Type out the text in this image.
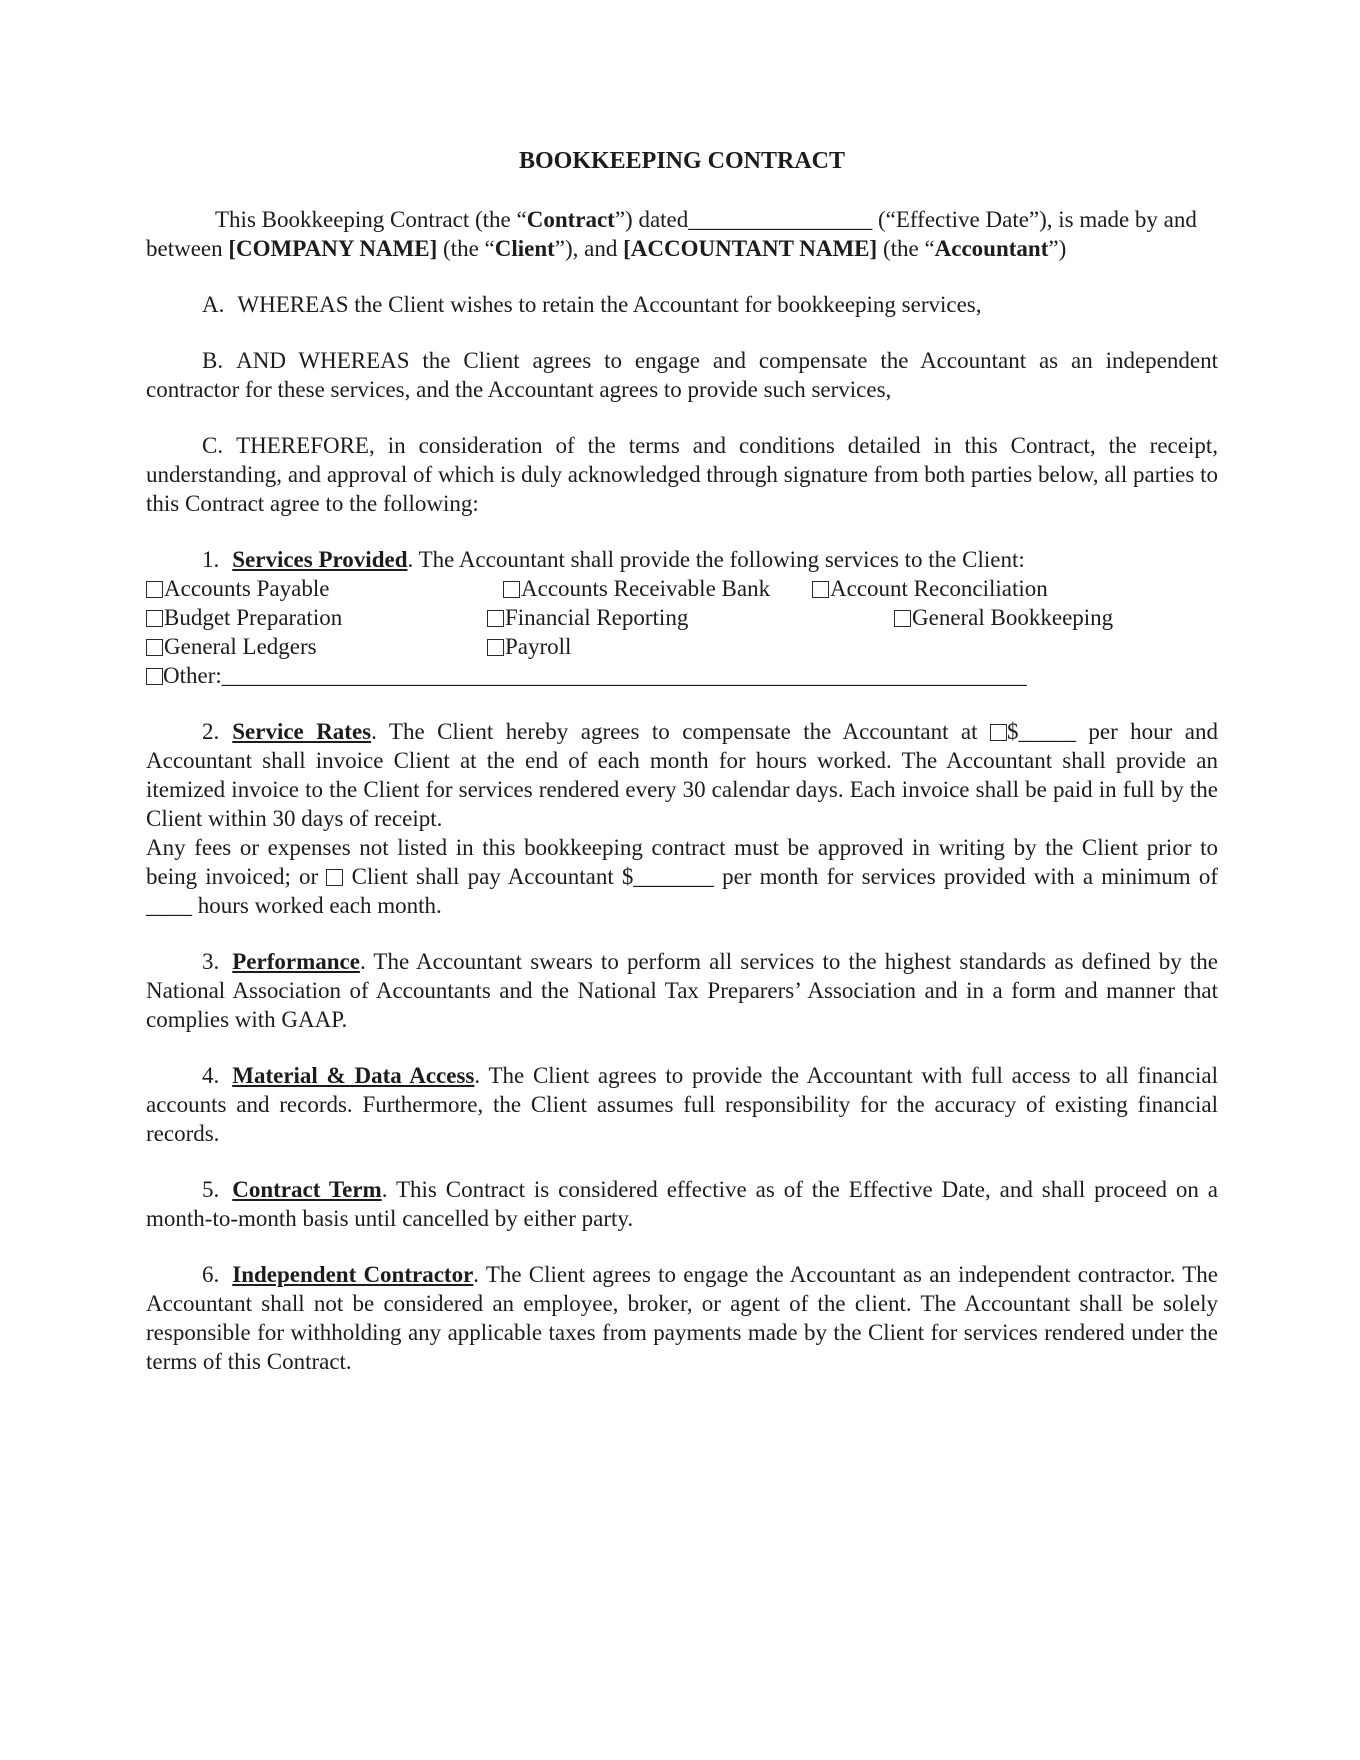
BOOKKEEPING CONTRACT

This Bookkeeping Contract (the “Contract”) dated________________ (“Effective Date”), is made by and between [COMPANY NAME] (the “Client”), and [ACCOUNTANT NAME] (the “Accountant”)

A. WHEREAS the Client wishes to retain the Accountant for bookkeeping services,

B. AND WHEREAS the Client agrees to engage and compensate the Accountant as an independent contractor for these services, and the Accountant agrees to provide such services,

C. THEREFORE, in consideration of the terms and conditions detailed in this Contract, the receipt, understanding, and approval of which is duly acknowledged through signature from both parties below, all parties to this Contract agree to the following:

1. Services Provided. The Accountant shall provide the following services to the Client:

Accounts Payable	Accounts Receivable Bank	Account Reconciliation
Budget Preparation	Financial Reporting	General Bookkeeping
General Ledgers	Payroll
Other:______________________________________________________________________

2. Service Rates. The Client hereby agrees to compensate the Accountant at $_____ per hour and Accountant shall invoice Client at the end of each month for hours worked. The Accountant shall provide an itemized invoice to the Client for services rendered every 30 calendar days. Each invoice shall be paid in full by the Client within 30 days of receipt.

Any fees or expenses not listed in this bookkeeping contract must be approved in writing by the Client prior to being invoiced; or  Client shall pay Accountant $_______ per month for services provided with a minimum of ____ hours worked each month.

3. Performance. The Accountant swears to perform all services to the highest standards as defined by the National Association of Accountants and the National Tax Preparers’ Association and in a form and manner that complies with GAAP.

4. Material & Data Access. The Client agrees to provide the Accountant with full access to all financial accounts and records. Furthermore, the Client assumes full responsibility for the accuracy of existing financial records.

5. Contract Term. This Contract is considered effective as of the Effective Date, and shall proceed on a month-to-month basis until cancelled by either party.

6. Independent Contractor. The Client agrees to engage the Accountant as an independent contractor. The Accountant shall not be considered an employee, broker, or agent of the client. The Accountant shall be solely responsible for withholding any applicable taxes from payments made by the Client for services rendered under the terms of this Contract.
